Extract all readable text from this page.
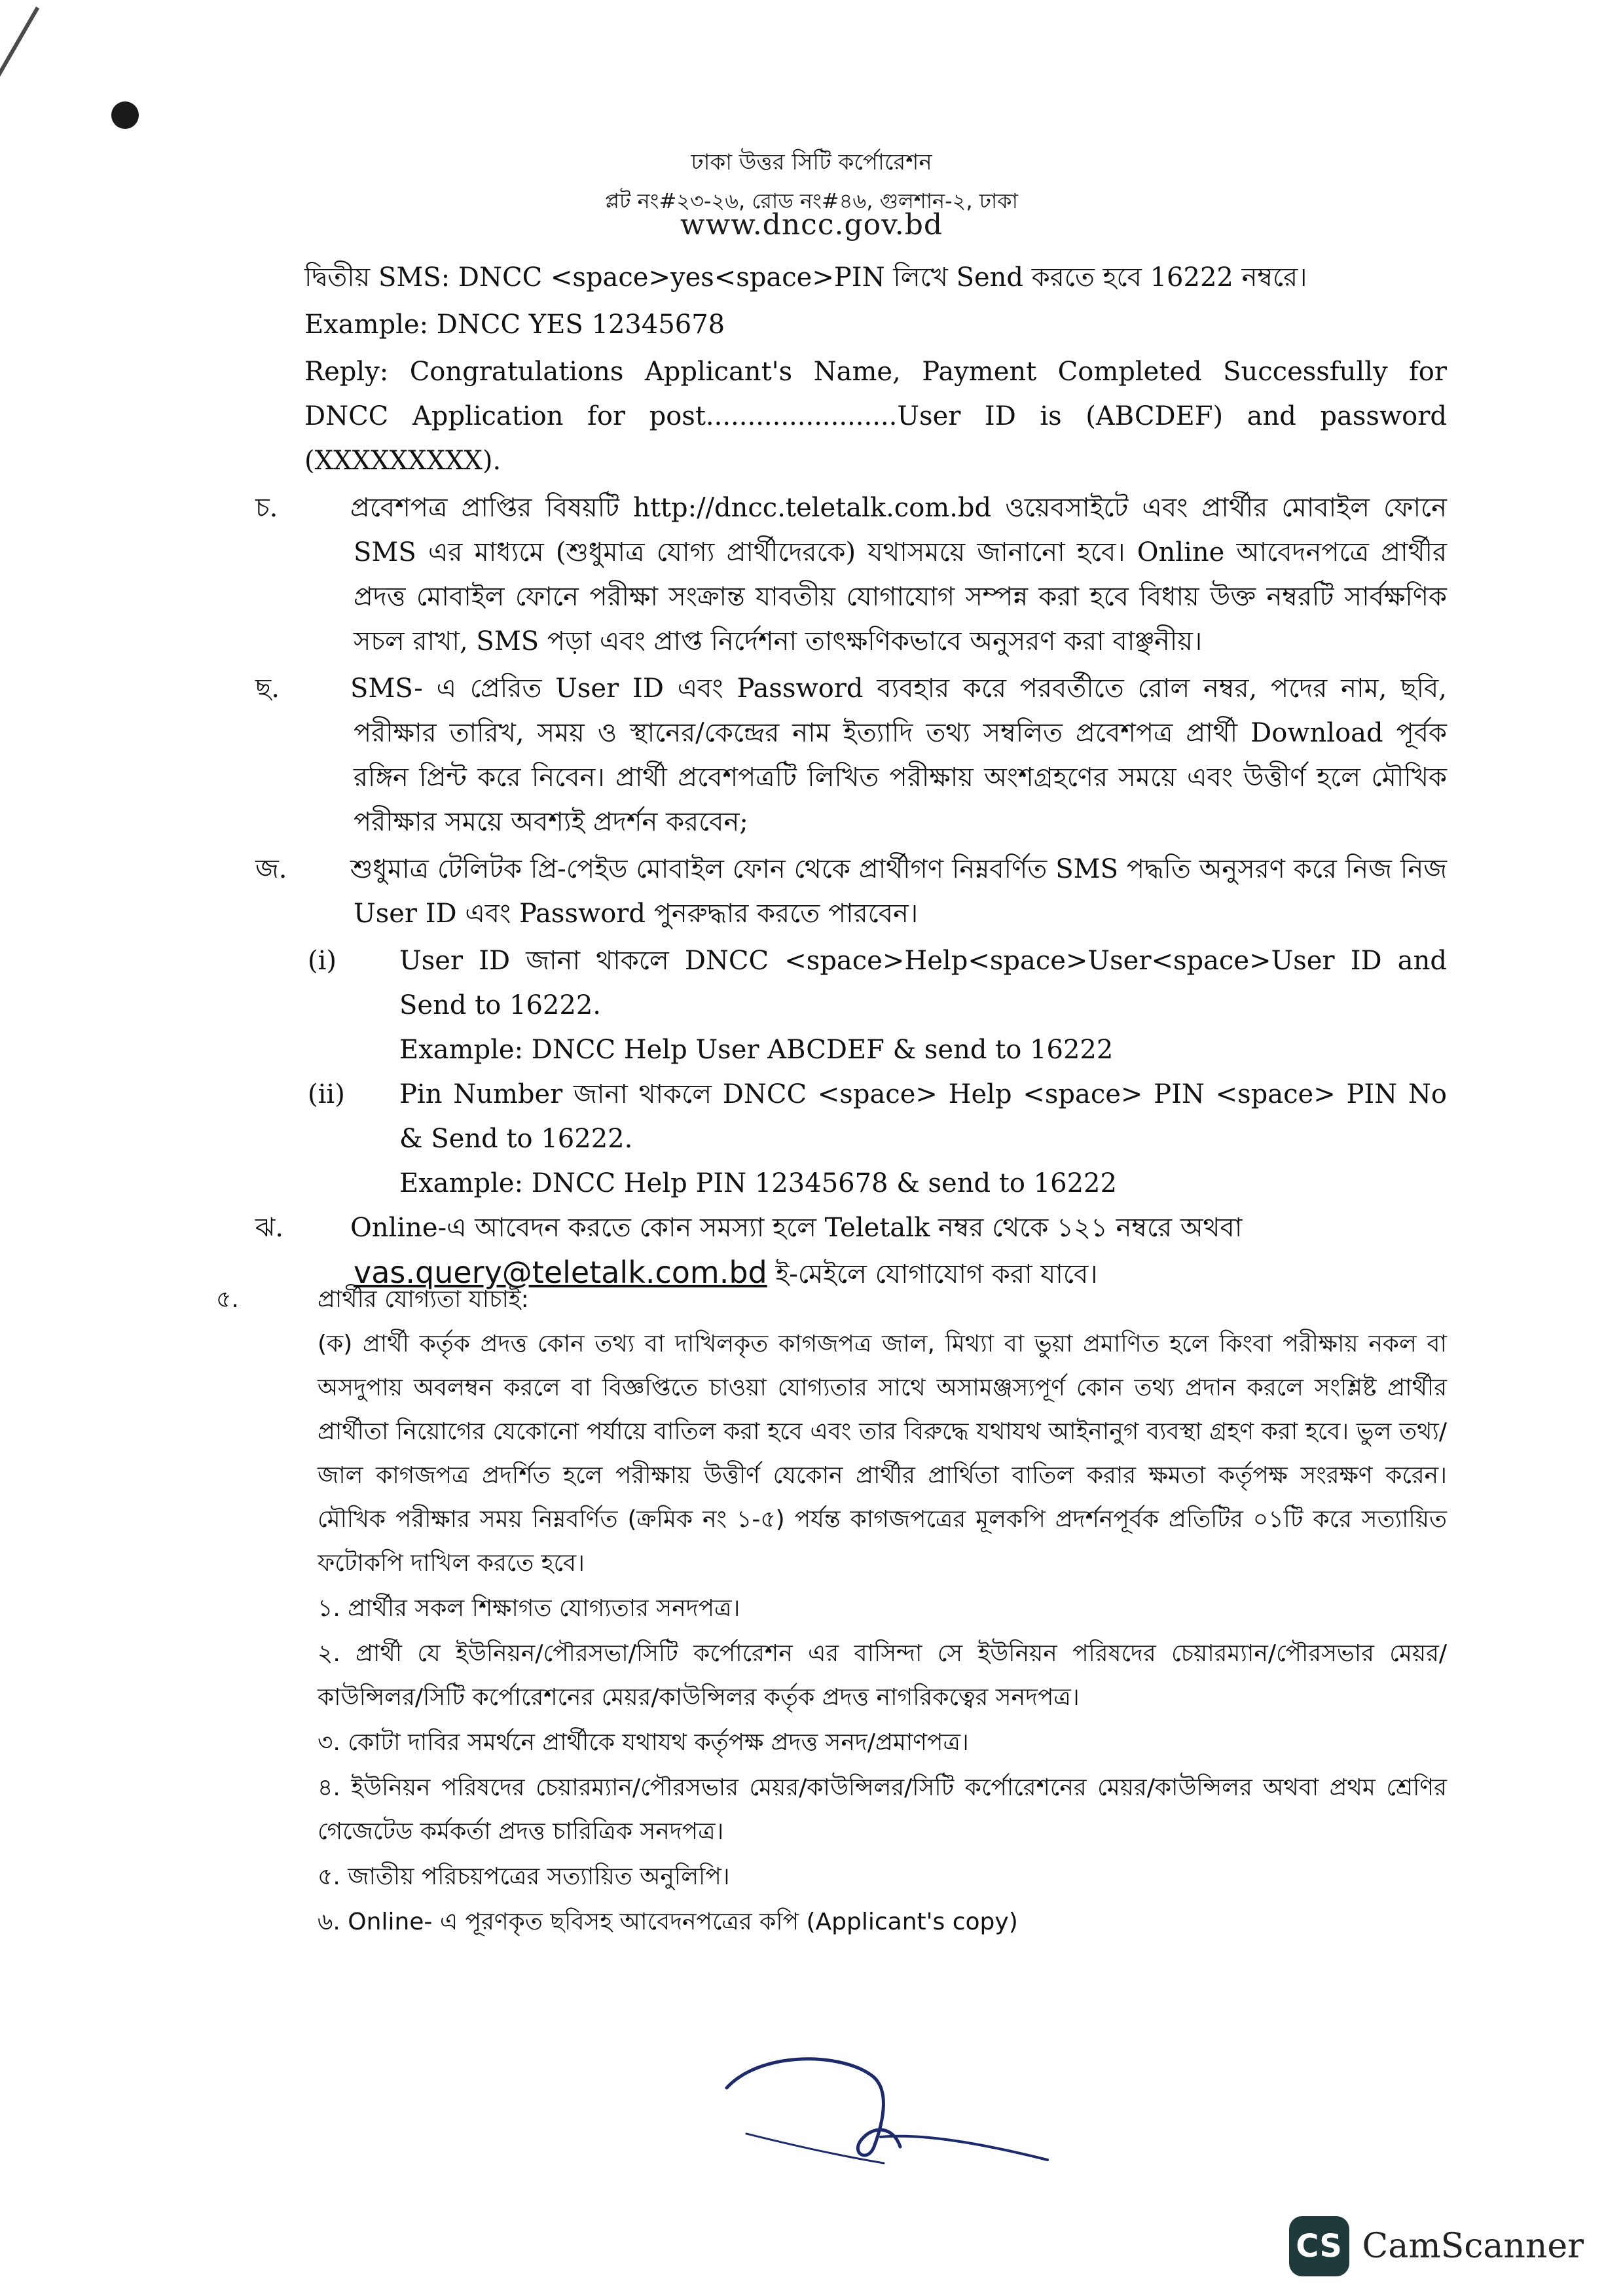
ঢাকা উত্তর সিটি কর্পোরেশন
প্লট নং#২৩-২৬, রোড নং#৪৬, গুলশান-২, ঢাকা
www.dncc.gov.bd

দ্বিতীয় SMS: DNCC <space>yes<space>PIN লিখে Send করতে হবে 16222 নম্বরে।

Example: DNCC YES 12345678

Reply: Congratulations Applicant's Name, Payment Completed Successfully for DNCC Application for post.......................User ID is (ABCDEF) and password (XXXXXXXXX).

চ.	প্রবেশপত্র প্রাপ্তির বিষয়টি http://dncc.teletalk.com.bd ওয়েবসাইটে এবং প্রার্থীর মোবাইল ফোনে SMS এর মাধ্যমে (শুধুমাত্র যোগ্য প্রার্থীদেরকে) যথাসময়ে জানানো হবে। Online আবেদনপত্রে প্রার্থীর প্রদত্ত মোবাইল ফোনে পরীক্ষা সংক্রান্ত যাবতীয় যোগাযোগ সম্পন্ন করা হবে বিধায় উক্ত নম্বরটি সার্বক্ষণিক সচল রাখা, SMS পড়া এবং প্রাপ্ত নির্দেশনা তাৎক্ষণিকভাবে অনুসরণ করা বাঞ্ছনীয়।

ছ.	SMS- এ প্রেরিত User ID এবং Password ব্যবহার করে পরবর্তীতে রোল নম্বর, পদের নাম, ছবি, পরীক্ষার তারিখ, সময় ও স্থানের/কেন্দ্রের নাম ইত্যাদি তথ্য সম্বলিত প্রবেশপত্র প্রার্থী Download পূর্বক রঙ্গিন প্রিন্ট করে নিবেন। প্রার্থী প্রবেশপত্রটি লিখিত পরীক্ষায় অংশগ্রহণের সময়ে এবং উত্তীর্ণ হলে মৌখিক পরীক্ষার সময়ে অবশ্যই প্রদর্শন করবেন;

জ. শুধুমাত্র টেলিটক প্রি-পেইড মোবাইল ফোন থেকে প্রার্থীগণ নিম্নবর্ণিত SMS পদ্ধতি অনুসরণ করে নিজ নিজ User ID এবং Password পুনরুদ্ধার করতে পারবেন।

(i) User ID জানা থাকলে DNCC <space>Help<space>User<space>User ID and Send to 16222.
Example: DNCC Help User ABCDEF & send to 16222
(ii) Pin Number জানা থাকলে DNCC <space> Help <space> PIN <space> PIN No & Send to 16222.
Example: DNCC Help PIN 12345678 & send to 16222

ঝ.	Online-এ আবেদন করতে কোন সমস্যা হলে Teletalk নম্বর থেকে ১২১ নম্বরে অথবা
vas.query@teletalk.com.bd ই-মেইলে যোগাযোগ করা যাবে।

৫.	প্রার্থীর যোগ্যতা যাচাই:

(ক) প্রার্থী কর্তৃক প্রদত্ত কোন তথ্য বা দাখিলকৃত কাগজপত্র জাল, মিথ্যা বা ভুয়া প্রমাণিত হলে কিংবা পরীক্ষায় নকল বা অসদুপায় অবলম্বন করলে বা বিজ্ঞপ্তিতে চাওয়া যোগ্যতার সাথে অসামঞ্জস্যপূর্ণ কোন তথ্য প্রদান করলে সংশ্লিষ্ট প্রার্থীর প্রার্থীতা নিয়োগের যেকোনো পর্যায়ে বাতিল করা হবে এবং তার বিরুদ্ধে যথাযথ আইনানুগ ব্যবস্থা গ্রহণ করা হবে। ভুল তথ্য/জাল কাগজপত্র প্রদর্শিত হলে পরীক্ষায় উত্তীর্ণ যেকোন প্রার্থীর প্রার্থিতা বাতিল করার ক্ষমতা কর্তৃপক্ষ সংরক্ষণ করেন। মৌখিক পরীক্ষার সময় নিম্নবর্ণিত (ক্রমিক নং ১-৫) পর্যন্ত কাগজপত্রের মূলকপি প্রদর্শনপূর্বক প্রতিটির ০১টি করে সত্যায়িত ফটোকপি দাখিল করতে হবে।

১. প্রার্থীর সকল শিক্ষাগত যোগ্যতার সনদপত্র।

২. প্রার্থী যে ইউনিয়ন/পৌরসভা/সিটি কর্পোরেশন এর বাসিন্দা সে ইউনিয়ন পরিষদের চেয়ারম্যান/পৌরসভার মেয়র/কাউন্সিলর/সিটি কর্পোরেশনের মেয়র/কাউন্সিলর কর্তৃক প্রদত্ত নাগরিকত্বের সনদপত্র।

৩. কোটা দাবির সমর্থনে প্রার্থীকে যথাযথ কর্তৃপক্ষ প্রদত্ত সনদ/প্রমাণপত্র।

৪. ইউনিয়ন পরিষদের চেয়ারম্যান/পৌরসভার মেয়র/কাউন্সিলর/সিটি কর্পোরেশনের মেয়র/কাউন্সিলর অথবা প্রথম শ্রেণির গেজেটেড কর্মকর্তা প্রদত্ত চারিত্রিক সনদপত্র।

৫. জাতীয় পরিচয়পত্রের সত্যায়িত অনুলিপি।

৬. Online- এ পূরণকৃত ছবিসহ আবেদনপত্রের কপি (Applicant's copy)

CS CamScanner
